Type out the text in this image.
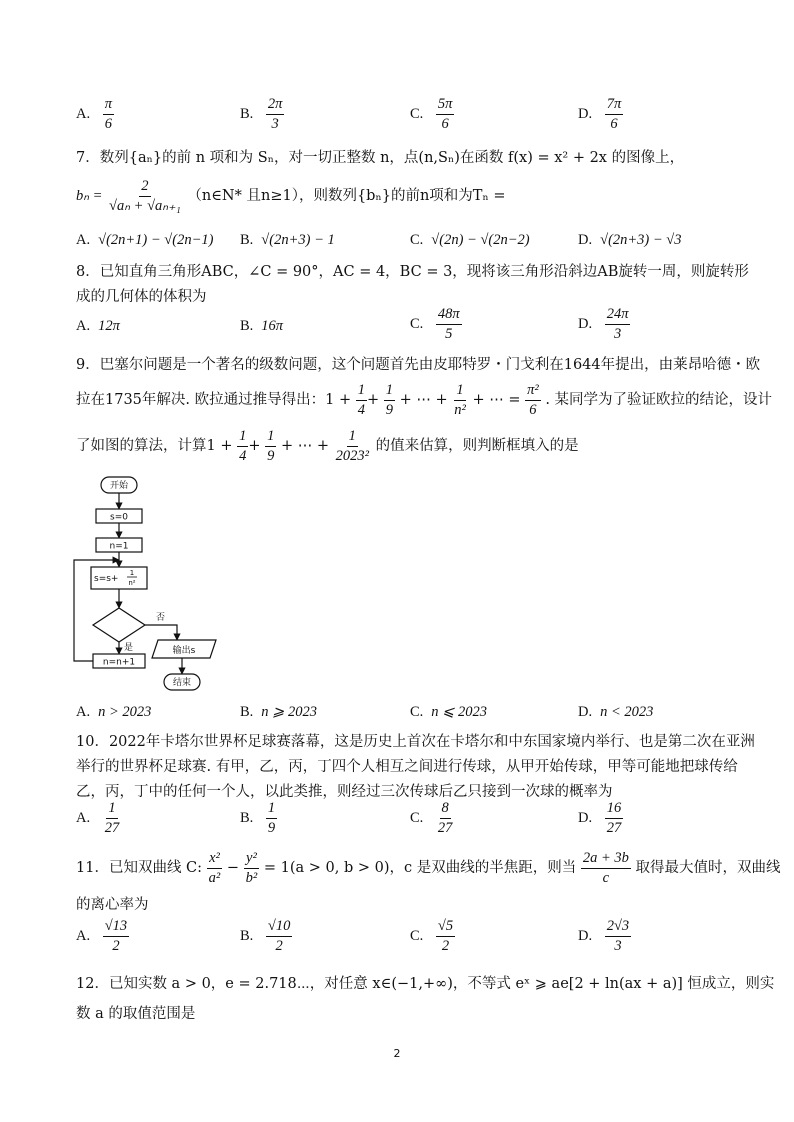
A. $\frac{\pi}{6}$	B. $\frac{2\pi}{3}$	C. $\frac{5\pi}{6}$	D. $\frac{7\pi}{6}$
7．数列{aₙ}的前 n 项和为 Sₙ，对一切正整数 n，点(n,Sₙ)在函数 f(x) = x² + 2x 的图像上，
$b_n = \frac{2}{\text{√aₙ + √aₙ₊₁}}$ （n∈N* 且n≥1），则数列{bₙ}的前n项和为Tₙ =
A. √(2n+1) − √(2n−1) B. √(2n+3) − 1	C. √(2n) − √(2n−2)	D. √(2n+3) − √3
8．已知直角三角形ABC，∠C = 90°，AC = 4，BC = 3，现将该三角形沿斜边AB旋转一周，则旋转形
成的几何体的体积为
A. 12π	B. 16π	C. $\frac{48\pi}{5}$	D. $\frac{24\pi}{3}$
9．巴塞尔问题是一个著名的级数问题，这个问题首先由皮耶特罗・门戈利在1644年提出，由莱昂哈德・欧
拉在1735年解决. 欧拉通过推导得出：$1 + \frac{1}{4} + \frac{1}{9}$ + ⋯ + $\frac{1}{\text{n²}}$ + ⋯ = $\frac{\text{π²}}{6}$ . 某同学为了验证欧拉的结论，设计
了如图的算法，计算$1 + \frac{1}{4} + \frac{1}{9}$ + ⋯ + $\frac{1}{\text{2023²}}$ 的值来估算，则判断框填入的是
开始
s=0
n=1
s=s+
1
n²
否
是
n=n+1
输出s
结束
A. n > 2023	B. n ⩾ 2023	C. n ⩽ 2023	D. n < 2023
10．2022年卡塔尔世界杯足球赛落幕，这是历史上首次在卡塔尔和中东国家境内举行、也是第二次在亚洲
举行的世界杯足球赛. 有甲，乙，丙，丁四个人相互之间进行传球，从甲开始传球，甲等可能地把球传给
乙，丙，丁中的任何一个人，以此类推，则经过三次传球后乙只接到一次球的概率为
A. $\frac{1}{27}$	B. $\frac{1}{9}$	C. $\frac{8}{27}$	D. $\frac{16}{27}$
11．已知双曲线 C: $\frac{\text{x²}}{\text{a²}} - \frac{\text{y²}}{\text{b²}} = 1(a > 0$, b > 0)，c 是双曲线的半焦距，则当 $\frac{2a + 3b}{c}$ 取得最大值时，双曲线
的离心率为
A. $\frac{√13}{2}$	B. $\frac{√10}{2}$	C. $\frac{√5}{2}$	D. $\frac{2√3}{3}$
12．已知实数 a > 0，e = 2.718⋯，对任意 x∈(−1,+∞)，不等式 eˣ ⩾ ae[2 + ln(ax + a)] 恒成立，则实
数 a 的取值范围是
2
